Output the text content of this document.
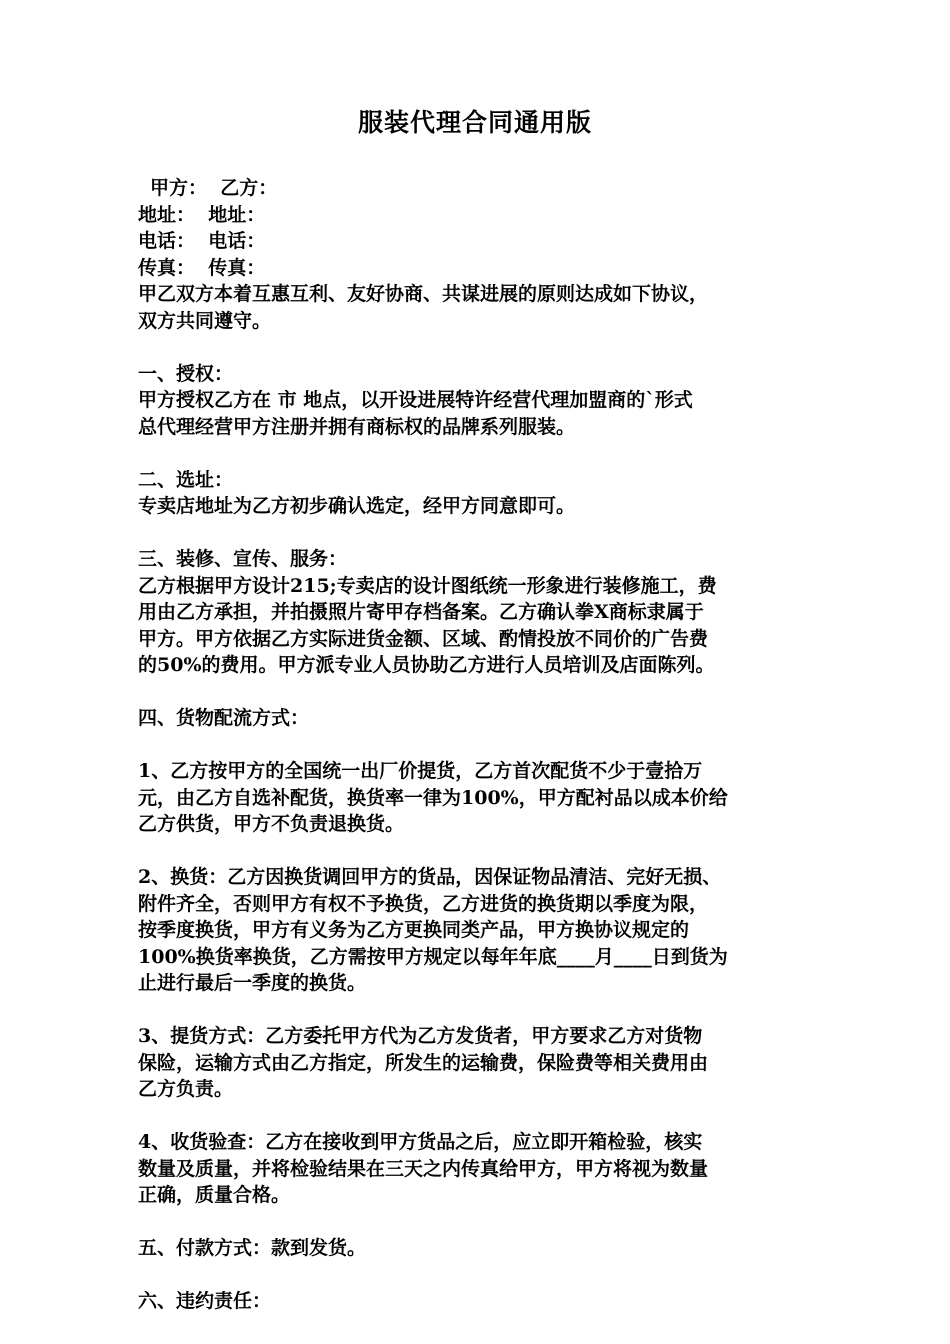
服装代理合同通用版
甲方：  乙方：
地址：  地址：
电话：  电话：
传真：  传真：
甲乙双方本着互惠互利、友好协商、共谋进展的原则达成如下协议，
双方共同遵守。
一、授权：
甲方授权乙方在 市 地点，以开设进展特许经营代理加盟商的`形式
总代理经营甲方注册并拥有商标权的品牌系列服装。
二、选址：
专卖店地址为乙方初步确认选定，经甲方同意即可。
三、装修、宣传、服务：
乙方根据甲方设计215;专卖店的设计图纸统一形象进行装修施工，费
用由乙方承担，并拍摄照片寄甲存档备案。乙方确认拳X商标隶属于
甲方。甲方依据乙方实际进货金额、区域、酌情投放不同价的广告费
的50%的费用。甲方派专业人员协助乙方进行人员培训及店面陈列。
四、货物配流方式：
1、乙方按甲方的全国统一出厂价提货，乙方首次配货不少于壹拾万
元，由乙方自选补配货，换货率一律为100%，甲方配衬品以成本价给
乙方供货，甲方不负责退换货。
2、换货：乙方因换货调回甲方的货品，因保证物品清洁、完好无损、
附件齐全，否则甲方有权不予换货，乙方进货的换货期以季度为限，
按季度换货，甲方有义务为乙方更换同类产品，甲方换协议规定的
100%换货率换货，乙方需按甲方规定以每年年底____月____日到货为
止进行最后一季度的换货。
3、提货方式：乙方委托甲方代为乙方发货者，甲方要求乙方对货物
保险，运输方式由乙方指定，所发生的运输费，保险费等相关费用由
乙方负责。
4、收货验查：乙方在接收到甲方货品之后，应立即开箱检验，核实
数量及质量，并将检验结果在三天之内传真给甲方，甲方将视为数量
正确，质量合格。
五、付款方式：款到发货。
六、违约责任：
